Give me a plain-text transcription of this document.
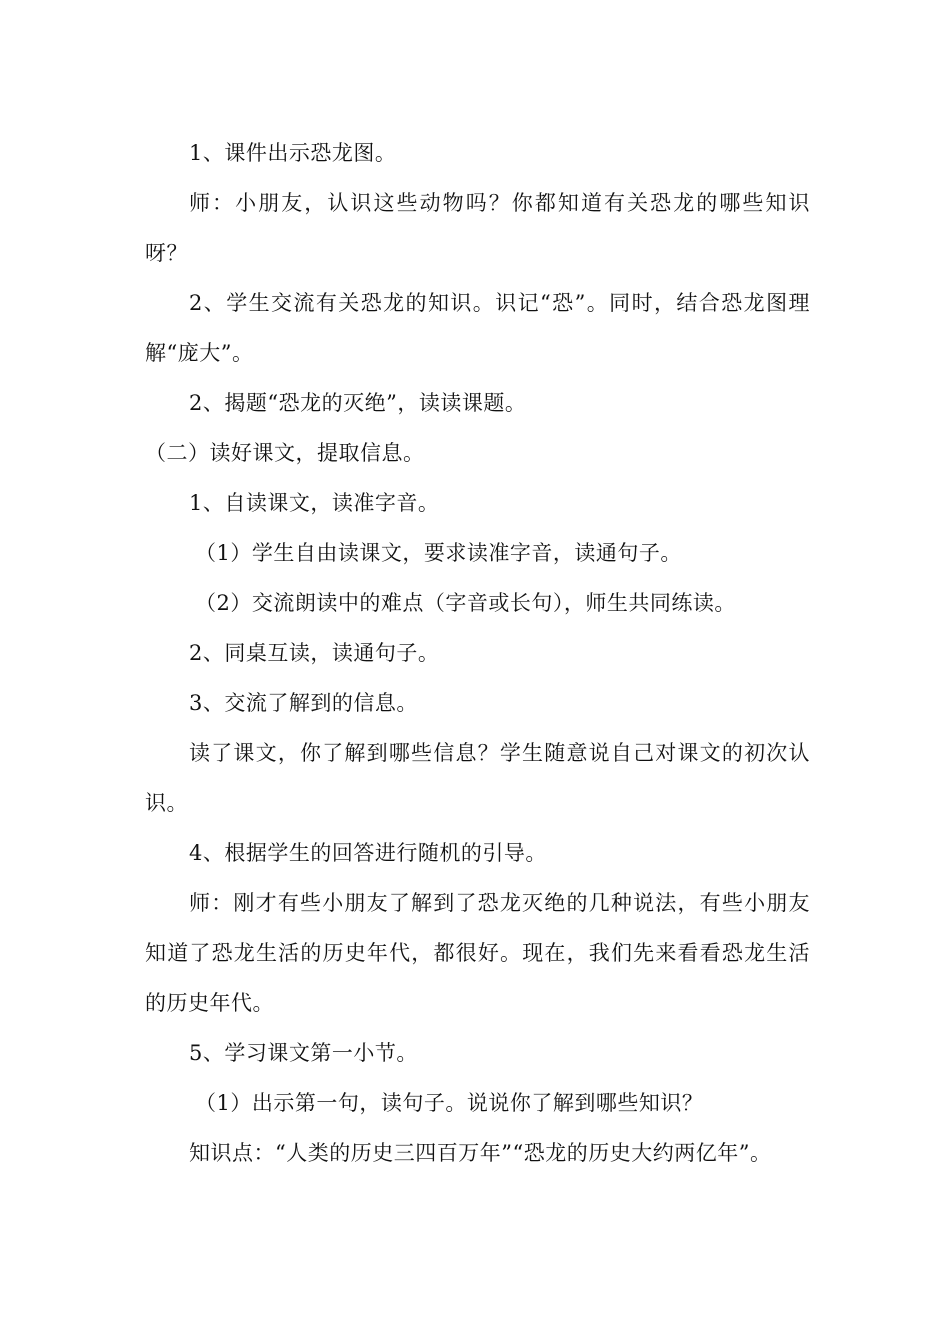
1、课件出示恐龙图。

师：小朋友，认识这些动物吗？你都知道有关恐龙的哪些知识呀？

2、学生交流有关恐龙的知识。识记“恐”。同时，结合恐龙图理解“庞大”。

2、揭题“恐龙的灭绝”，读读课题。

（二）读好课文，提取信息。

1、自读课文，读准字音。

（1）学生自由读课文，要求读准字音，读通句子。

（2）交流朗读中的难点（字音或长句），师生共同练读。

2、同桌互读，读通句子。

3、交流了解到的信息。

读了课文，你了解到哪些信息？学生随意说自己对课文的初次认识。

4、根据学生的回答进行随机的引导。

师：刚才有些小朋友了解到了恐龙灭绝的几种说法，有些小朋友知道了恐龙生活的历史年代，都很好。现在，我们先来看看恐龙生活的历史年代。

5、学习课文第一小节。

（1）出示第一句，读句子。说说你了解到哪些知识？

知识点：“人类的历史三四百万年”“恐龙的历史大约两亿年”。
